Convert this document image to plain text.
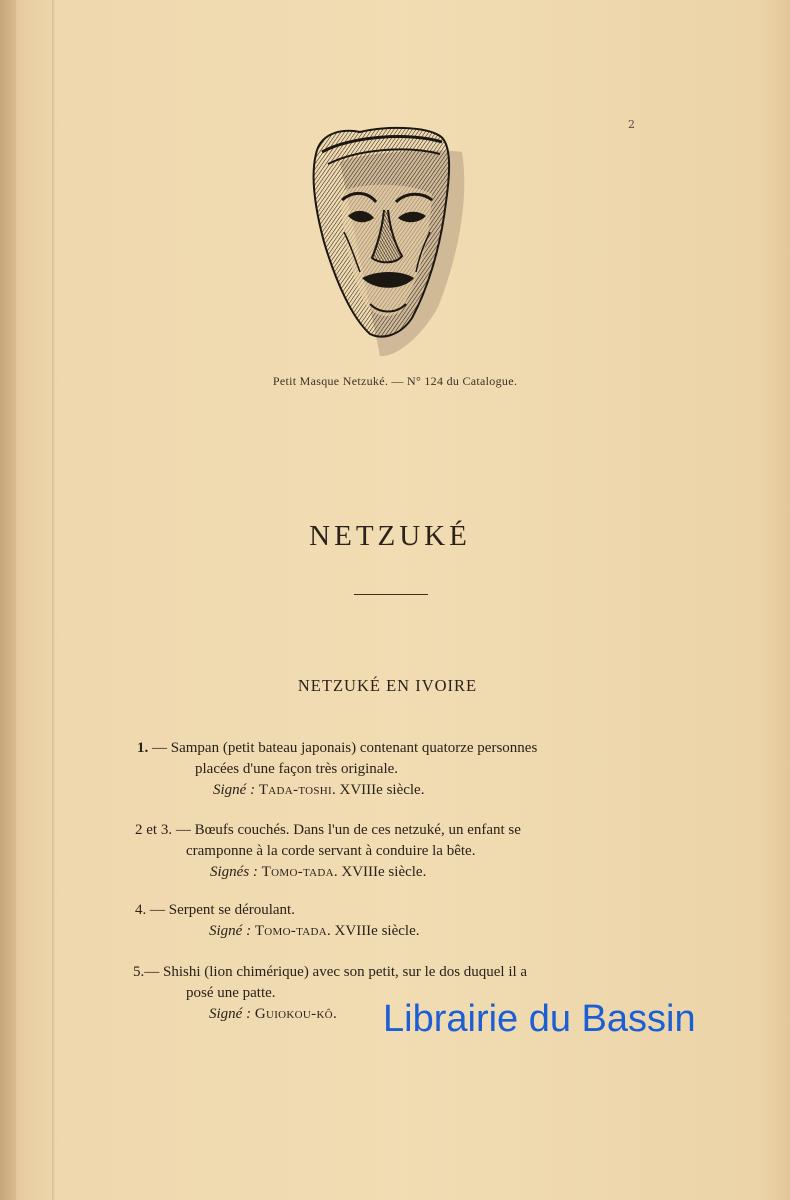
2
Petit Masque Netzuké. — N° 124 du Catalogue.
NETZUKÉ
NETZUKÉ EN IVOIRE
1. — Sampan (petit bateau japonais) contenant quatorze personnes
placées d'une façon très originale.
Signé : Tada-toshi. XVIIIe siècle.
2 et 3. — Bœufs couchés. Dans l'un de ces netzuké, un enfant se
cramponne à la corde servant à conduire la bête.
Signés : Tomo-tada. XVIIIe siècle.
4. — Serpent se déroulant.
Signé : Tomo-tada. XVIIIe siècle.
5.— Shishi (lion chimérique) avec son petit, sur le dos duquel il a
posé une patte.
Signé : Guiokou-kô.	Librairie du Bassin
